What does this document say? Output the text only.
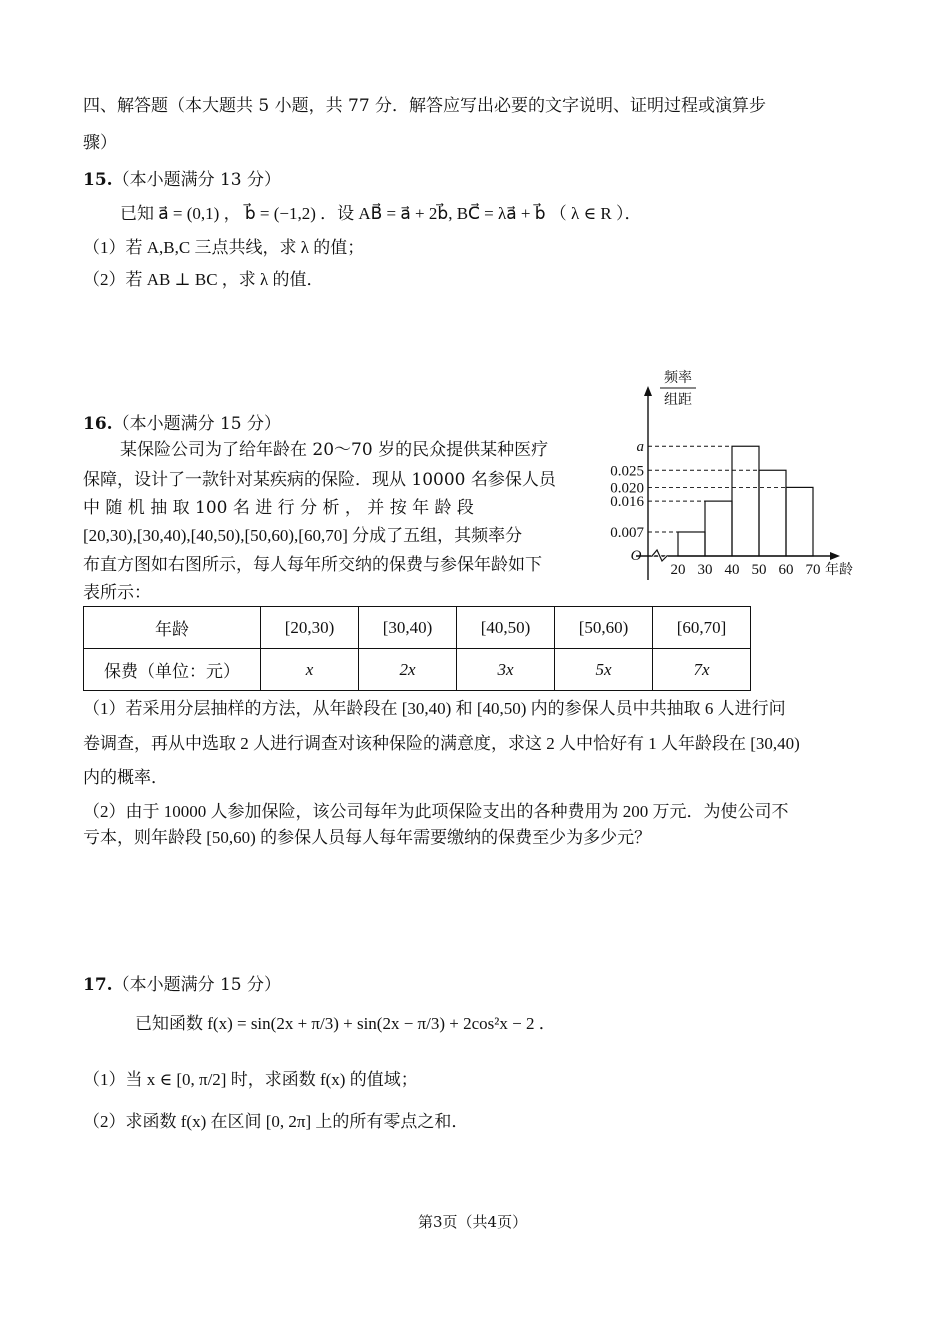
四、解答题（本大题共 5 小题，共 77 分．解答应写出必要的文字说明、证明过程或演算步
骤）
15.（本小题满分 13 分）
已知 a⃗ = (0,1) ， b⃗ = (−1,2) ．设 AB⃗ = a⃗ + 2b⃗, BC⃗ = λa⃗ + b⃗ （ λ ∈ R ）．
（1）若 A,B,C 三点共线，求 λ 的值；
（2）若 AB ⊥ BC ，求 λ 的值．
16.（本小题满分 15 分）
某保险公司为了给年龄在 20～70 岁的民众提供某种医疗
保障，设计了一款针对某疾病的保险．现从 10000 名参保人员
中 随 机 抽 取 100 名 进 行 分 析 ， 并 按 年 龄 段
[20,30),[30,40),[40,50),[50,60),[60,70] 分成了五组，其频率分
布直方图如右图所示，每人每年所交纳的保费与参保年龄如下
表所示：
频率
组距
O
a
0.025
0.020
0.016
0.007
20 30 40 50 60 70 年龄
年龄	[20,30)	[30,40)	[40,50)	[50,60)	[60,70]
保费（单位：元）	x	2x	3x	5x	7x
（1）若采用分层抽样的方法，从年龄段在 [30,40) 和 [40,50) 内的参保人员中共抽取 6 人进行问
卷调查，再从中选取 2 人进行调查对该种保险的满意度，求这 2 人中恰好有 1 人年龄段在 [30,40)
内的概率．
（2）由于 10000 人参加保险，该公司每年为此项保险支出的各种费用为 200 万元．为使公司不
亏本，则年龄段 [50,60) 的参保人员每人每年需要缴纳的保费至少为多少元？
17.（本小题满分 15 分）
已知函数 f(x) = sin(2x + π/3) + sin(2x − π/3) + 2cos²x − 2 ．
（1）当 x ∈ [0, π/2] 时，求函数 f(x) 的值域；
（2）求函数 f(x) 在区间 [0, 2π] 上的所有零点之和．
第3页（共4页）
